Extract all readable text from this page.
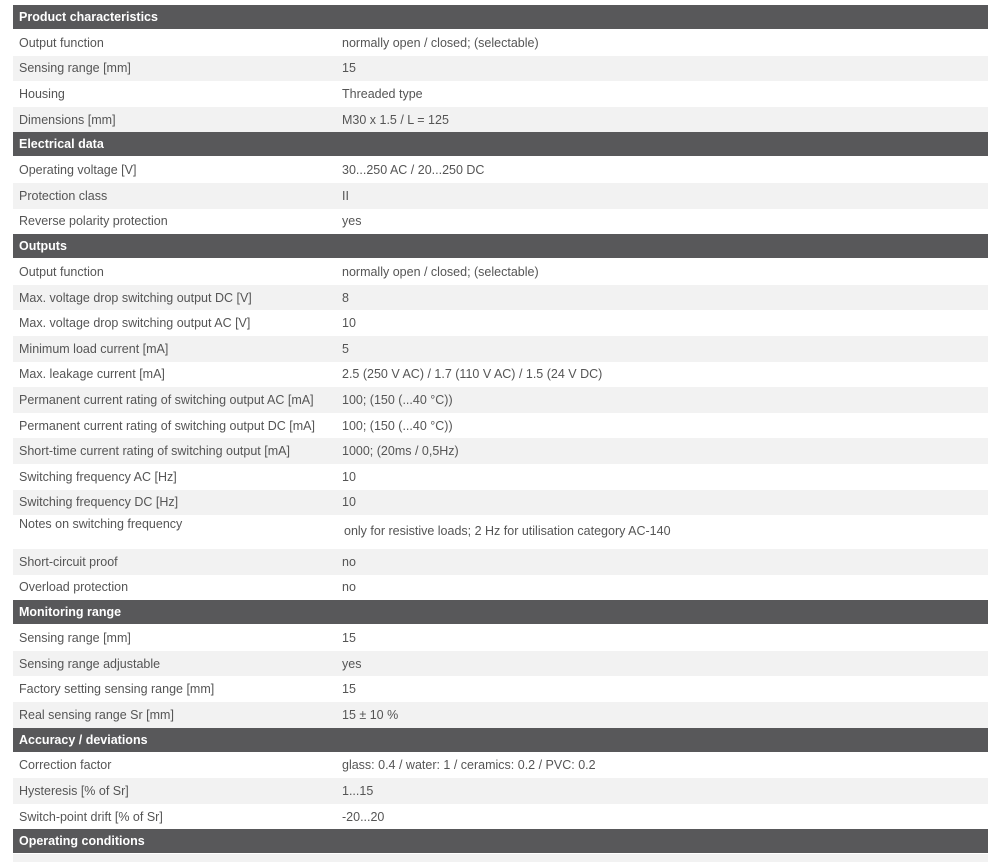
Product characteristics
Output function	normally open / closed; (selectable)
Sensing range [mm]	15
Housing	Threaded type
Dimensions [mm]	M30 x 1.5 / L = 125
Electrical data
Operating voltage [V]	30...250 AC / 20...250 DC
Protection class	II
Reverse polarity protection	yes
Outputs
Output function	normally open / closed; (selectable)
Max. voltage drop switching output DC [V]	8
Max. voltage drop switching output AC [V]	10
Minimum load current [mA]	5
Max. leakage current [mA]	2.5 (250 V AC) / 1.7 (110 V AC) / 1.5 (24 V DC)
Permanent current rating of switching output AC [mA]	100; (150 (...40 °C))
Permanent current rating of switching output DC [mA]	100; (150 (...40 °C))
Short-time current rating of switching output [mA]	1000; (20ms / 0,5Hz)
Switching frequency AC [Hz]	10
Switching frequency DC [Hz]	10
Notes on switching frequency	only for resistive loads; 2 Hz for utilisation category AC-140
Short-circuit proof	no
Overload protection	no
Monitoring range
Sensing range [mm]	15
Sensing range adjustable	yes
Factory setting sensing range [mm]	15
Real sensing range Sr [mm]	15 ± 10 %
Accuracy / deviations
Correction factor	glass: 0.4 / water: 1 / ceramics: 0.2 / PVC: 0.2
Hysteresis [% of Sr]	1...15
Switch-point drift [% of Sr]	-20...20
Operating conditions
